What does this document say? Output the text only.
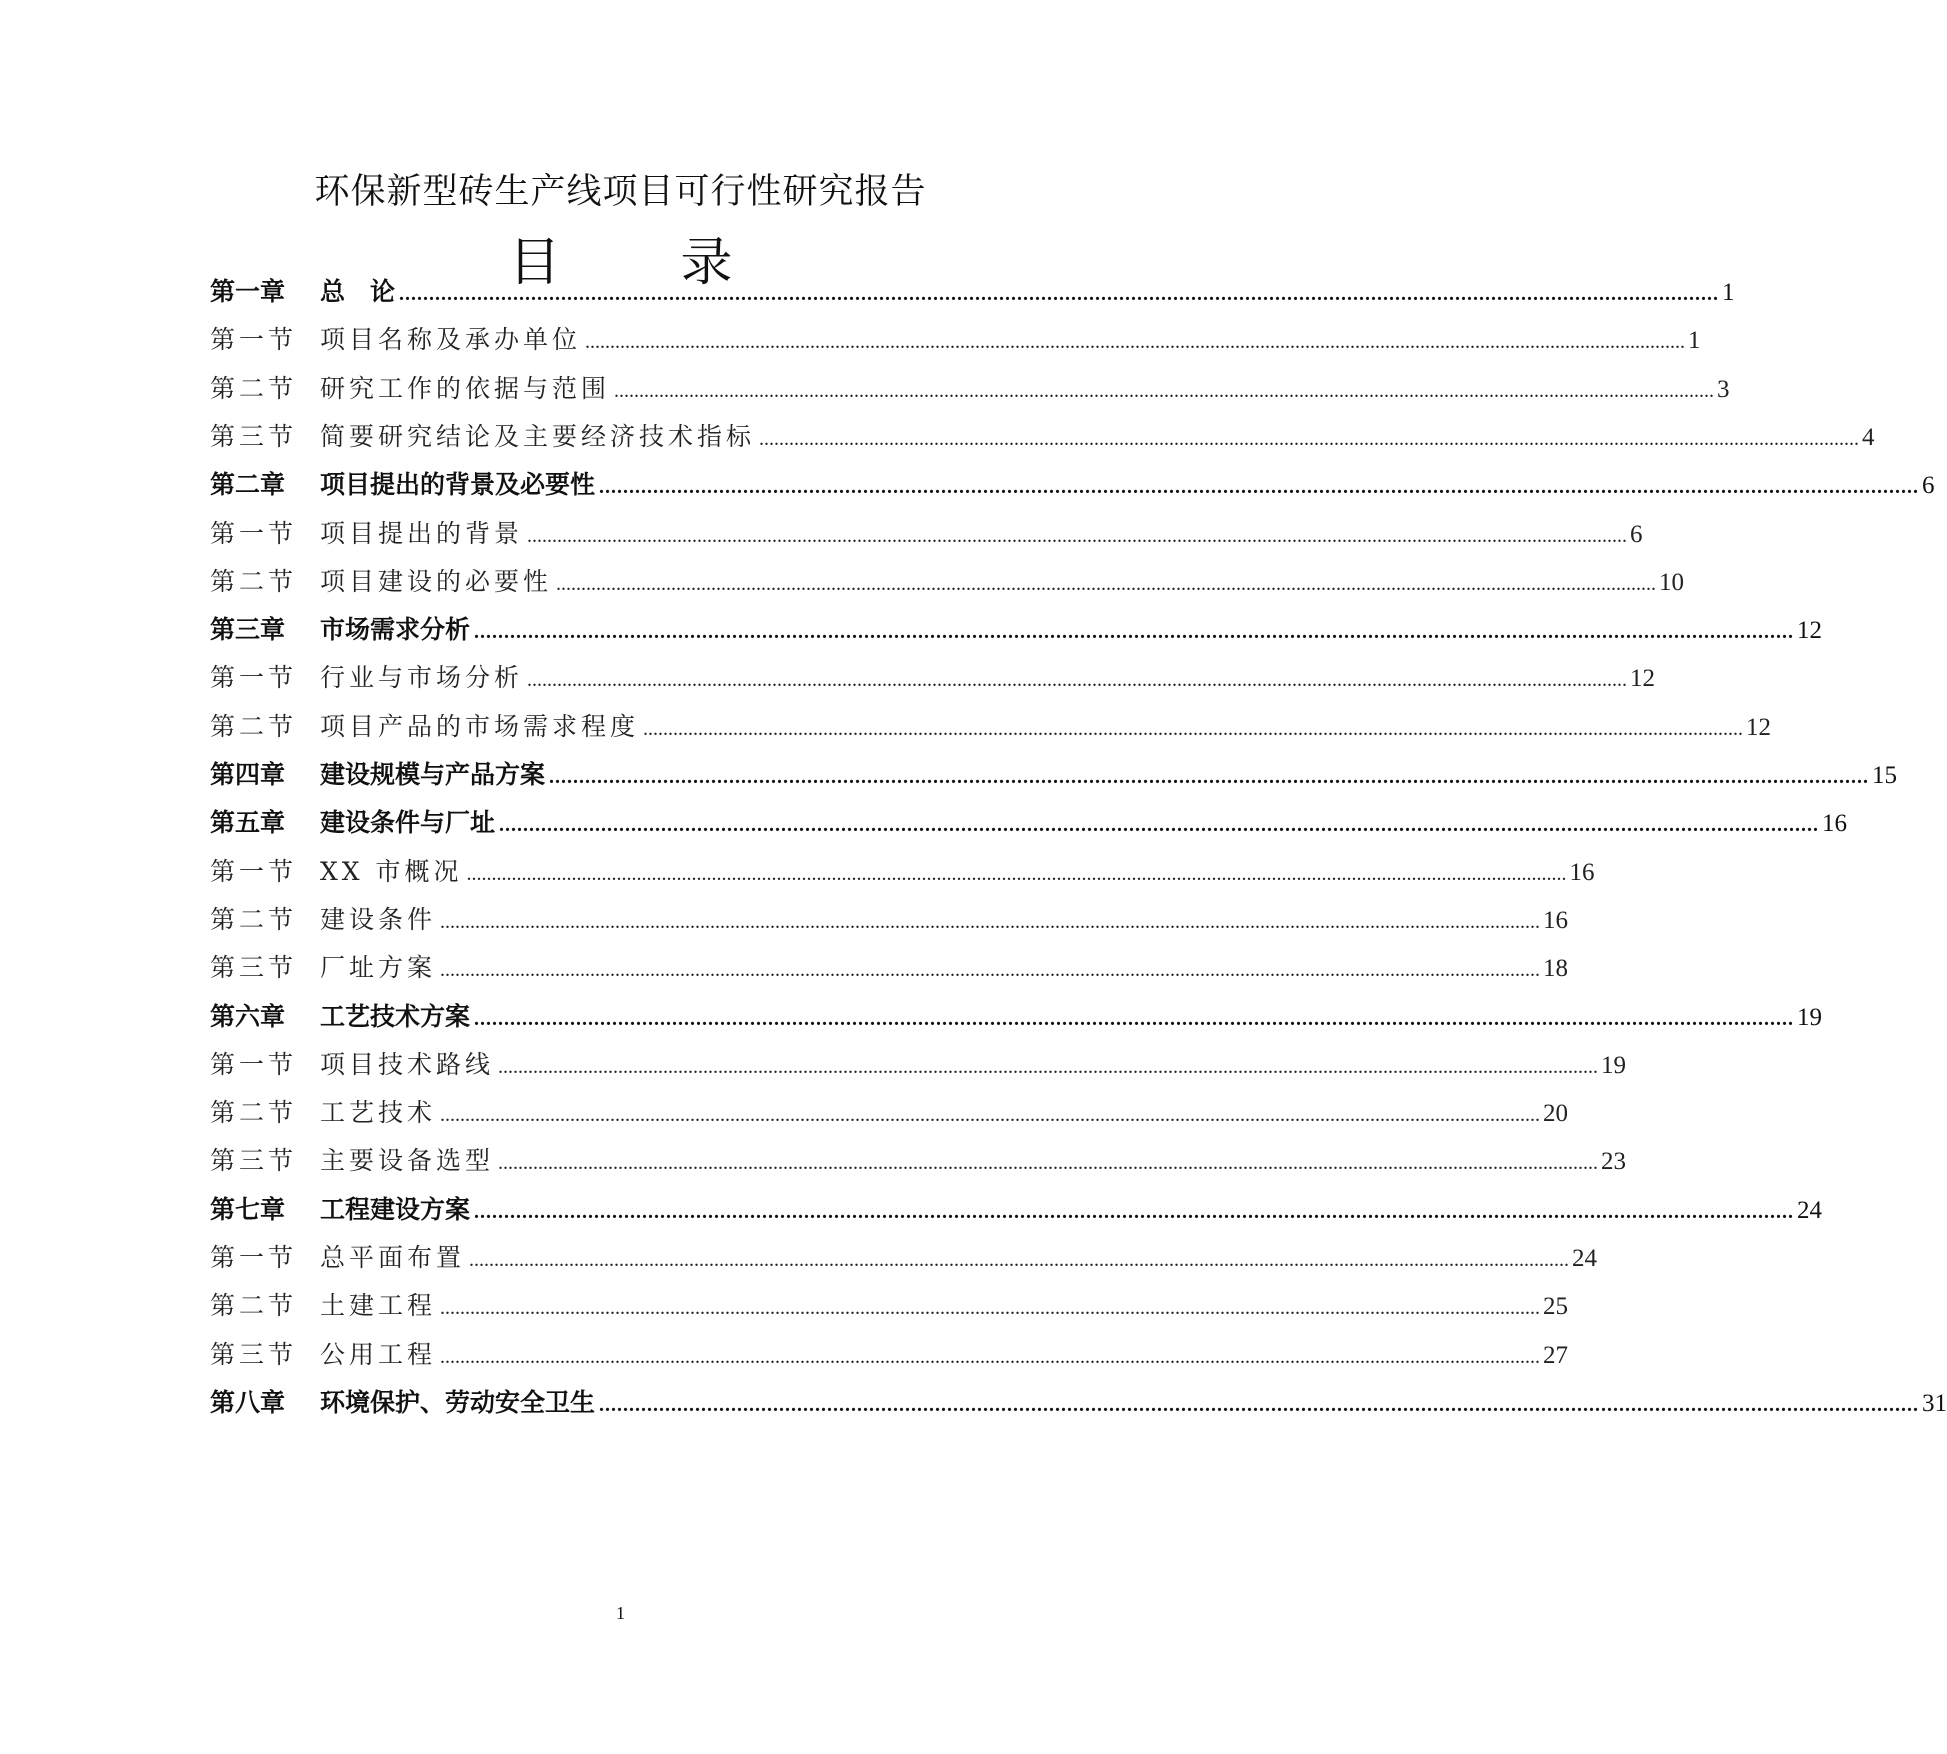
环保新型砖生产线项目可行性研究报告
目录
第一章	总　论 ............................................................................................................................................................................................................................ 1
第一节 项目名称及承办单位 ............................................................................................................................................................................................................................ 1
第二节 研究工作的依据与范围 ............................................................................................................................................................................................................................ 3
第三节 简要研究结论及主要经济技术指标 ............................................................................................................................................................................................................................ 4
第二章	项目提出的背景及必要性 ............................................................................................................................................................................................................................ 6
第一节 项目提出的背景 ............................................................................................................................................................................................................................ 6
第二节 项目建设的必要性 ............................................................................................................................................................................................................................ 10
第三章	市场需求分析 ............................................................................................................................................................................................................................ 12
第一节 行业与市场分析 ............................................................................................................................................................................................................................ 12
第二节 项目产品的市场需求程度 ............................................................................................................................................................................................................................ 12
第四章	建设规模与产品方案 ............................................................................................................................................................................................................................ 15
第五章	建设条件与厂址 ............................................................................................................................................................................................................................ 16
第一节 XX 市概况 ............................................................................................................................................................................................................................ 16
第二节 建设条件 ............................................................................................................................................................................................................................ 16
第三节 厂址方案 ............................................................................................................................................................................................................................ 18
第六章	工艺技术方案 ............................................................................................................................................................................................................................ 19
第一节 项目技术路线 ............................................................................................................................................................................................................................ 19
第二节 工艺技术 ............................................................................................................................................................................................................................ 20
第三节 主要设备选型 ............................................................................................................................................................................................................................ 23
第七章	工程建设方案 ............................................................................................................................................................................................................................ 24
第一节 总平面布置 ............................................................................................................................................................................................................................ 24
第二节 土建工程 ............................................................................................................................................................................................................................ 25
第三节 公用工程 ............................................................................................................................................................................................................................ 27
第八章	环境保护、劳动安全卫生 ............................................................................................................................................................................................................................ 31
1
